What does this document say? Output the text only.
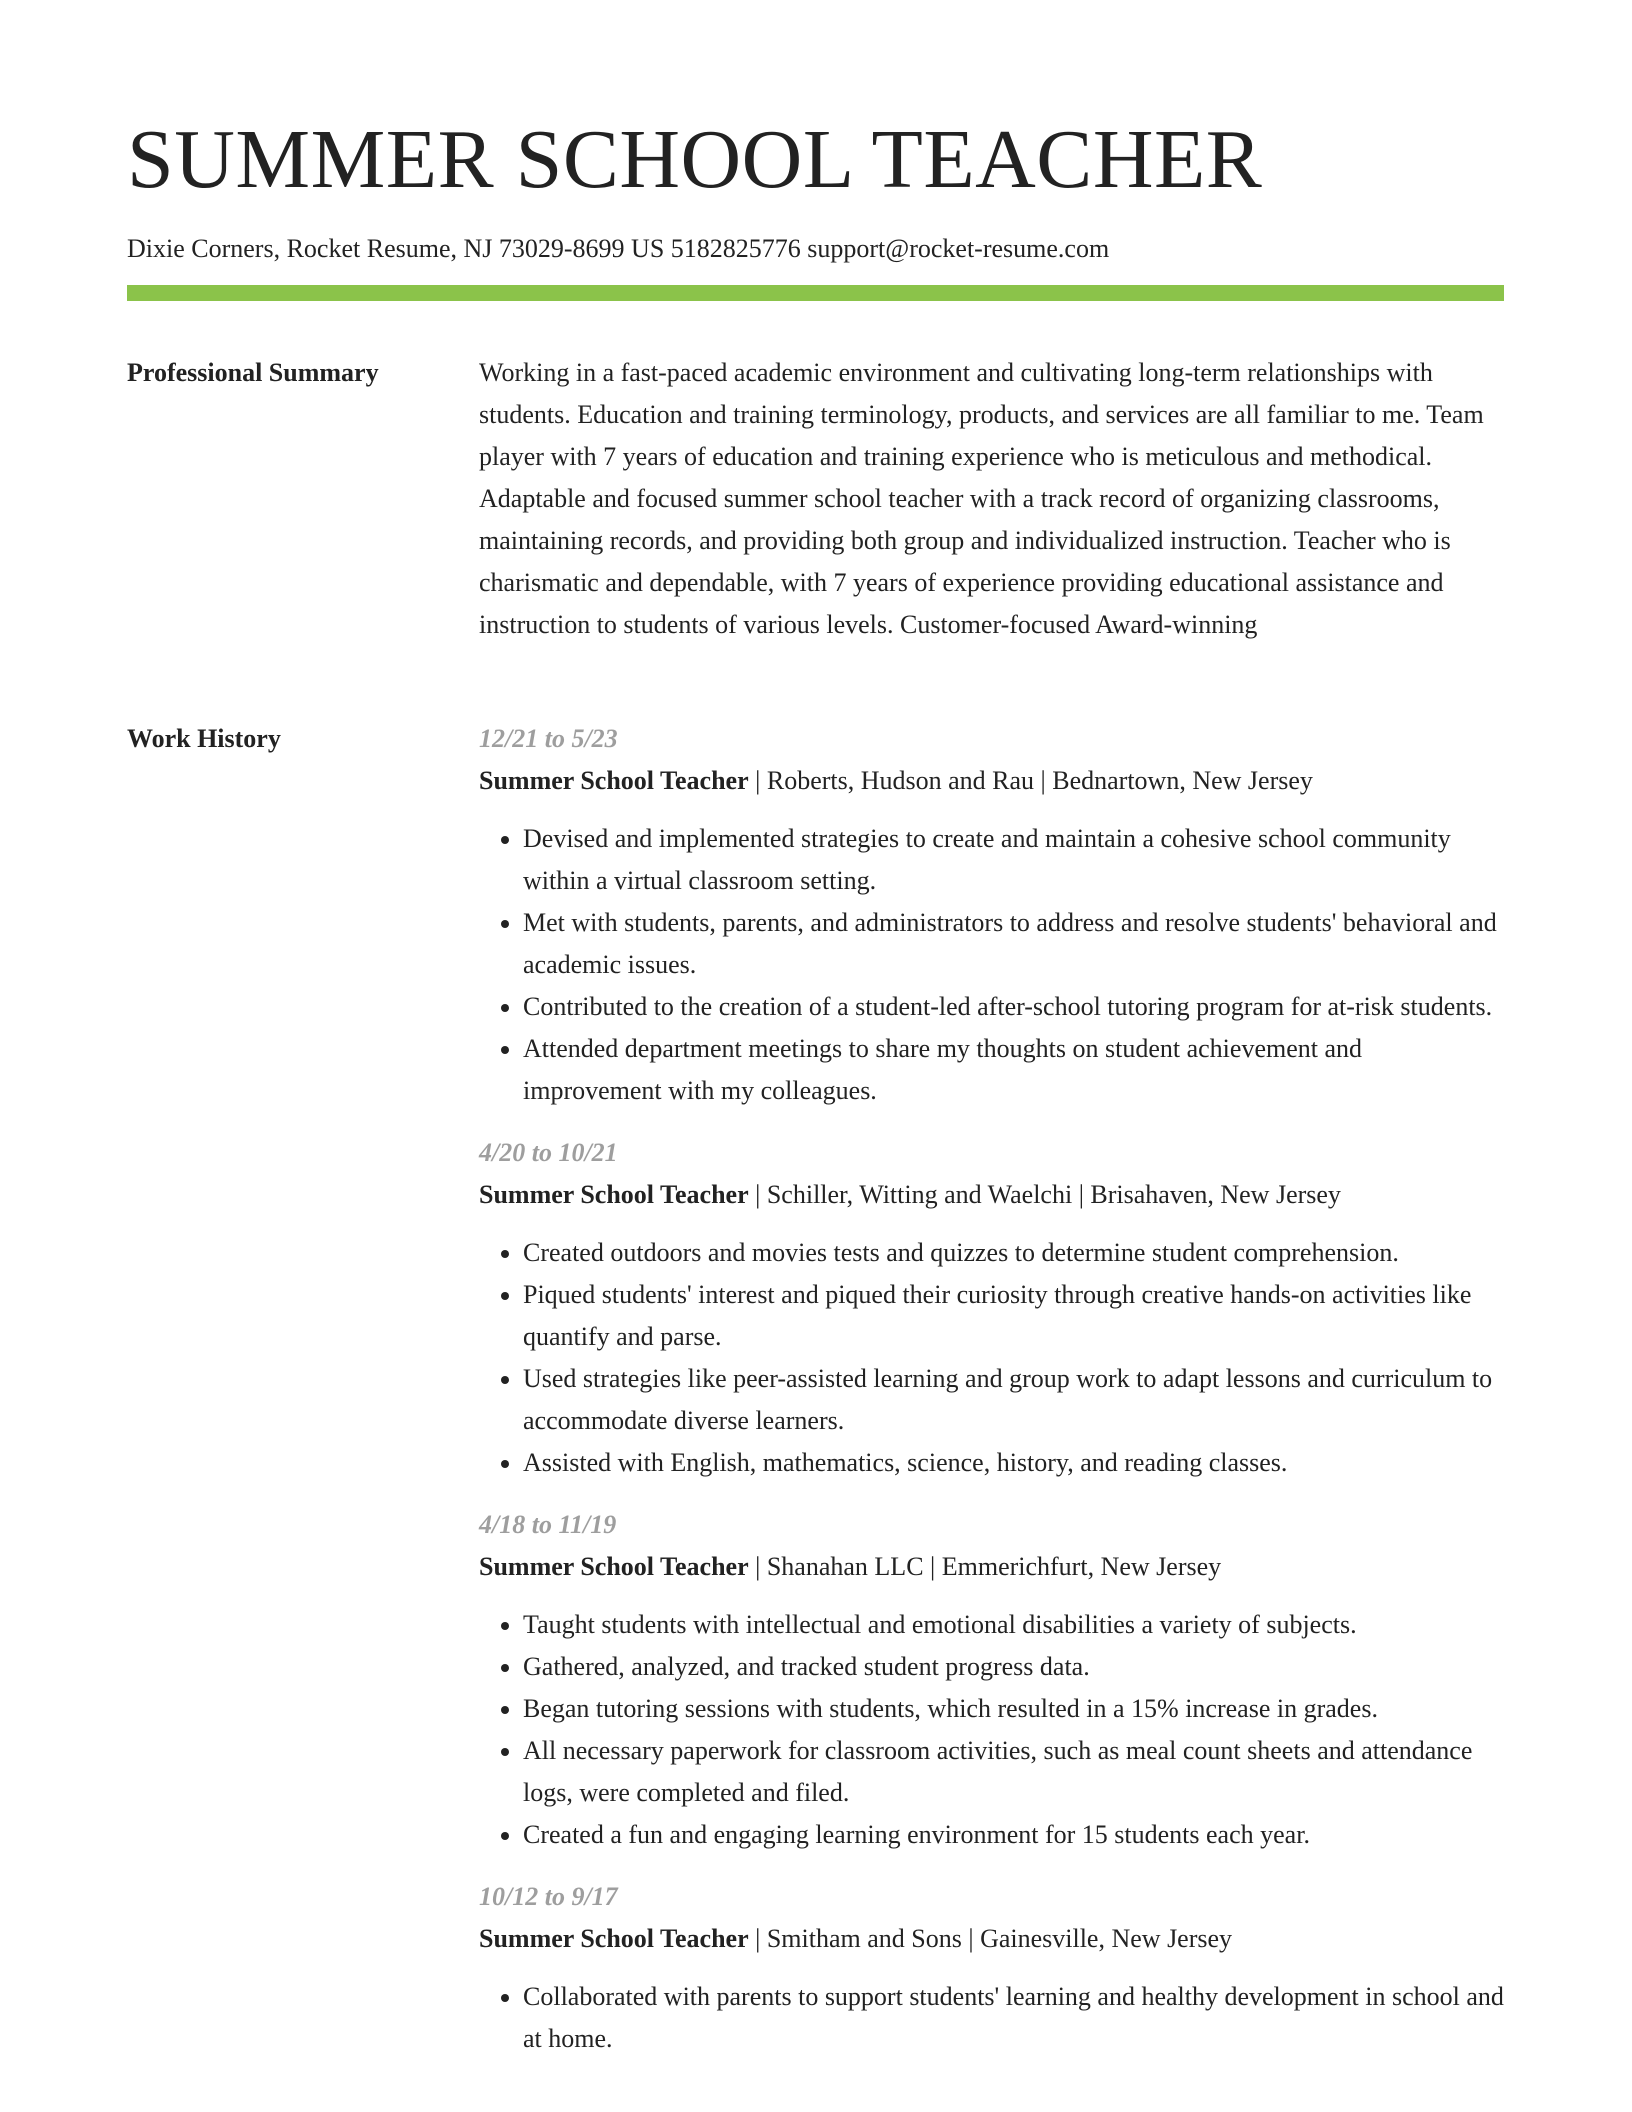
SUMMER SCHOOL TEACHER

Dixie Corners, Rocket Resume, NJ 73029-8699 US 5182825776 support@rocket-resume.com

Professional Summary	Working in a fast-paced academic environment and cultivating long-term relationships with students. Education and training terminology, products, and services are all familiar to me. Team player with 7 years of education and training experience who is meticulous and methodical. Adaptable and focused summer school teacher with a track record of organizing classrooms, maintaining records, and providing both group and individualized instruction. Teacher who is charismatic and dependable, with 7 years of experience providing educational assistance and instruction to students of various levels. Customer-focused Award-winning

Work History	12/21 to 5/23

Summer School Teacher | Roberts, Hudson and Rau | Bednartown, New Jersey

• Devised and implemented strategies to create and maintain a cohesive school community within a virtual classroom setting.
• Met with students, parents, and administrators to address and resolve students' behavioral and academic issues.
• Contributed to the creation of a student-led after-school tutoring program for at-risk students.
• Attended department meetings to share my thoughts on student achievement and improvement with my colleagues.

4/20 to 10/21

Summer School Teacher | Schiller, Witting and Waelchi | Brisahaven, New Jersey

• Created outdoors and movies tests and quizzes to determine student comprehension.
• Piqued students' interest and piqued their curiosity through creative hands-on activities like quantify and parse.
• Used strategies like peer-assisted learning and group work to adapt lessons and curriculum to accommodate diverse learners.
• Assisted with English, mathematics, science, history, and reading classes.

4/18 to 11/19

Summer School Teacher | Shanahan LLC | Emmerichfurt, New Jersey

• Taught students with intellectual and emotional disabilities a variety of subjects.
• Gathered, analyzed, and tracked student progress data.
• Began tutoring sessions with students, which resulted in a 15% increase in grades.
• All necessary paperwork for classroom activities, such as meal count sheets and attendance logs, were completed and filed.
• Created a fun and engaging learning environment for 15 students each year.

10/12 to 9/17

Summer School Teacher | Smitham and Sons | Gainesville, New Jersey

• Collaborated with parents to support students' learning and healthy development in school and at home.
